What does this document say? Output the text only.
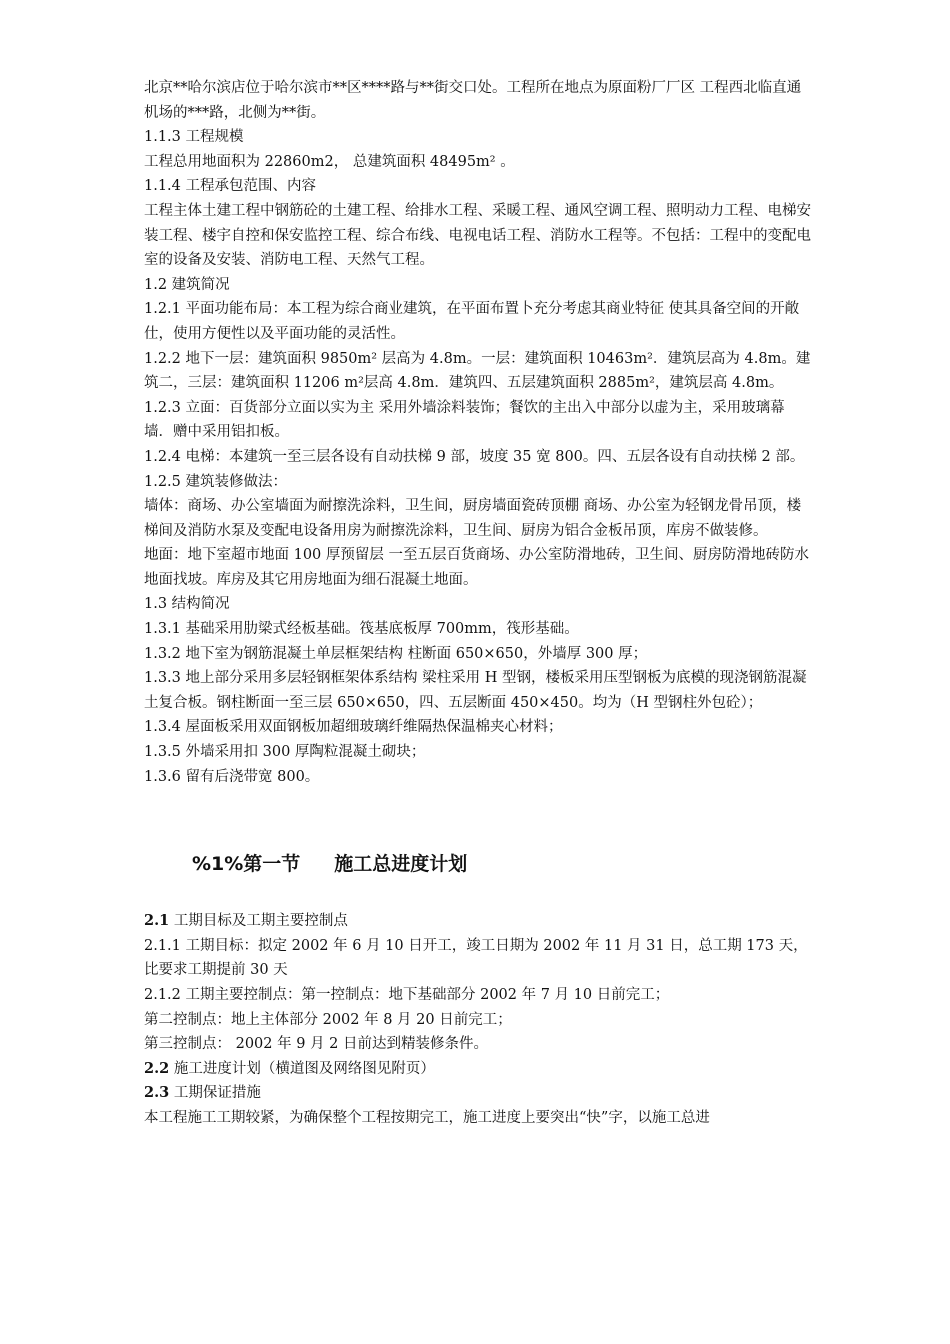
北京**哈尔滨店位于哈尔滨市**区****路与**街交口处。工程所在地点为原面粉厂厂区 工程西北临直通机场的***路，北侧为**街。

1.1.3 工程规模

工程总用地面积为 22860m2， 总建筑面积 48495m² 。

1.1.4 工程承包范围、内容

工程主体土建工程中钢筋砼的土建工程、给排水工程、采暖工程、通风空调工程、照明动力工程、电梯安装工程、楼宇自控和保安监控工程、综合布线、电视电话工程、消防水工程等。不包括：工程中的变配电室的设备及安装、消防电工程、天然气工程。

1.2 建筑简况

1.2.1 平面功能布局：本工程为综合商业建筑，在平面布置卜充分考虑其商业特征 使其具备空间的开敞仕，使用方便性以及平面功能的灵活性。

1.2.2 地下一层：建筑面积 9850m² 层高为 4.8m。一层：建筑面积 10463m²．建筑层高为 4.8m。建筑二，三层：建筑面积 11206 m²层高 4.8m．建筑四、五层建筑面积 2885m²，建筑层高 4.8m。

1.2.3 立面：百货部分立面以实为主 采用外墙涂料装饰；餐饮的主出入中部分以虚为主，采用玻璃幕墙．赠中采用铝扣板。

1.2.4 电梯：本建筑一至三层各设有自动扶梯 9 部，坡度 35 宽 800。四、五层各设有自动扶梯 2 部。

1.2.5 建筑装修做法：

墙体：商场、办公室墙面为耐擦洗涂料，卫生间，厨房墙面瓷砖顶棚 商场、办公室为轻钢龙骨吊顶，楼梯间及消防水泵及变配电设备用房为耐擦洗涂料，卫生间、厨房为铝合金板吊顶，库房不做装修。

地面：地下室超市地面 100 厚预留层 一至五层百货商场、办公室防滑地砖，卫生间、厨房防滑地砖防水地面找坡。库房及其它用房地面为细石混凝土地面。

1.3 结构简况

1.3.1 基础采用肋梁式经板基础。筏基底板厚 700mm，筏形基础。

1.3.2 地下室为钢筋混凝土单层框架结构 柱断面 650×650，外墙厚 300 厚；

1.3.3 地上部分采用多层轻钢框架体系结构 梁柱采用 H 型钢，楼板采用压型钢板为底模的现浇钢筋混凝土复合板。钢柱断面一至三层 650×650，四、五层断面 450×450。均为（H 型钢柱外包砼）；

1.3.4 屋面板采用双面钢板加超细玻璃纤维隔热保温棉夹心材料；

1.3.5 外墙采用扣 300 厚陶粒混凝土砌块；

1.3.6 留有后浇带宽 800。

%1%第一节 施工总进度计划

2.1 工期目标及工期主要控制点

2.1.1 工期目标：拟定 2002 年 6 月 10 日开工，竣工日期为 2002 年 11 月 31 日，总工期 173 天，比要求工期提前 30 天

2.1.2 工期主要控制点：第一控制点：地下基础部分 2002 年 7 月 10 日前完工；

第二控制点：地上主体部分 2002 年 8 月 20 日前完工；

第三控制点： 2002 年 9 月 2 日前达到精装修条件。

2.2 施工进度计划（横道图及网络图见附页）

2.3 工期保证措施

本工程施工工期较紧，为确保整个工程按期完工，施工进度上要突出“快”字，以施工总进
